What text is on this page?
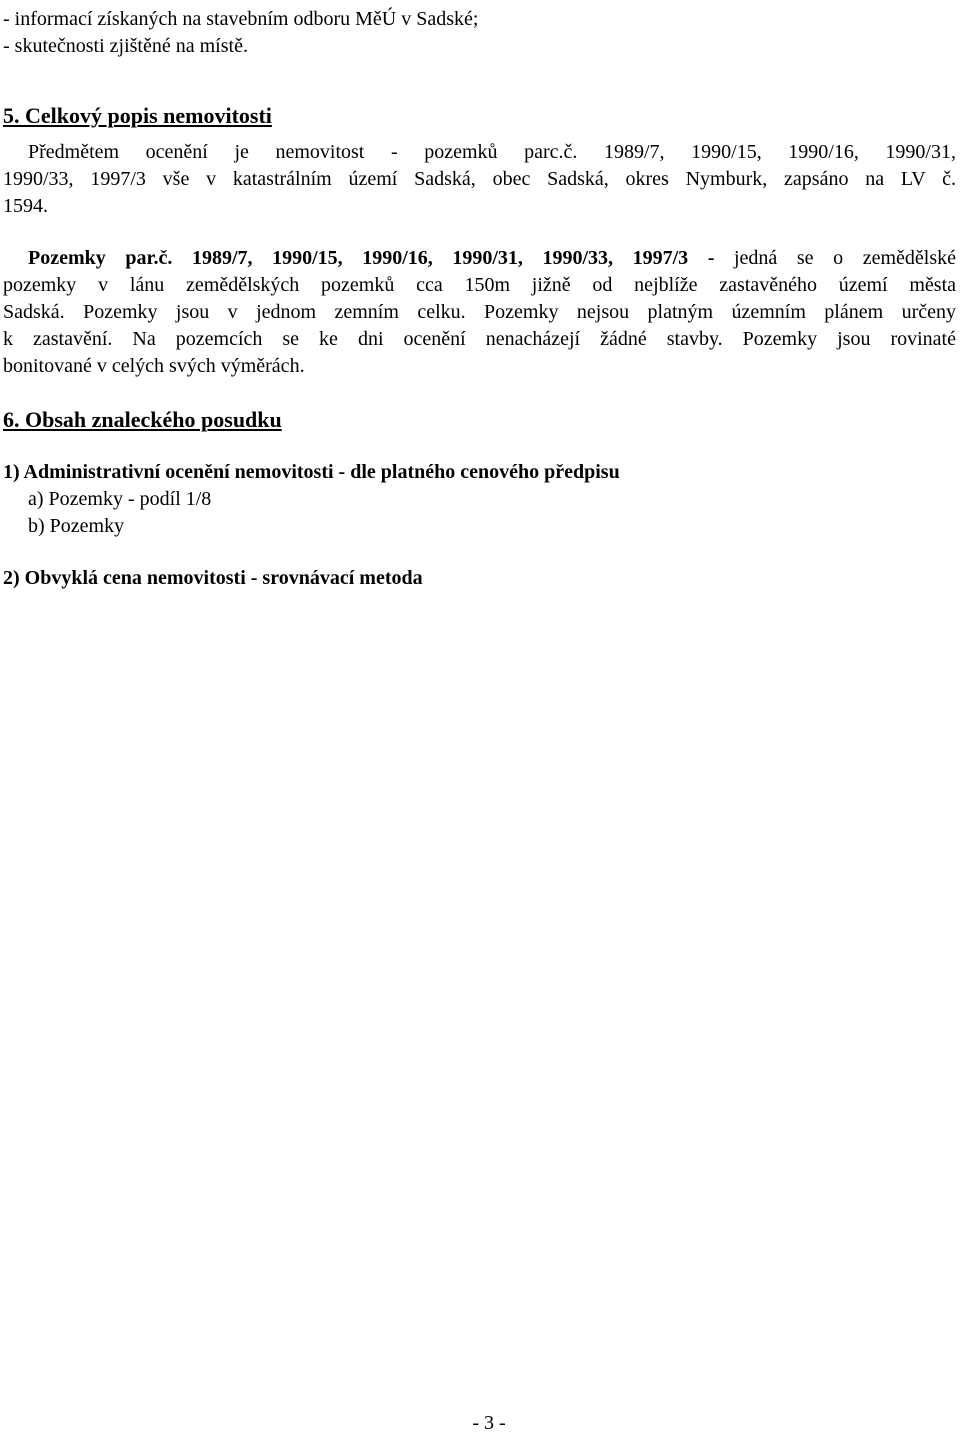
- informací získaných na stavebním odboru MěÚ v Sadské;
- skutečnosti zjištěné na místě.
5. Celkový popis nemovitosti
Předmětem ocenění je nemovitost - pozemků parc.č. 1989/7, 1990/15, 1990/16, 1990/31,
1990/33, 1997/3 vše v katastrálním území Sadská, obec Sadská, okres Nymburk, zapsáno na LV č.
1594.
Pozemky par.č. 1989/7, 1990/15, 1990/16, 1990/31, 1990/33, 1997/3 - jedná se o zemědělské
pozemky v lánu zemědělských pozemků cca 150m jižně od nejblíže zastavěného území města
Sadská. Pozemky jsou v jednom zemním celku. Pozemky nejsou platným územním plánem určeny
k zastavění. Na pozemcích se ke dni ocenění nenacházejí žádné stavby. Pozemky jsou rovinaté
bonitované v celých svých výměrách.
6. Obsah znaleckého posudku
1) Administrativní ocenění nemovitosti - dle platného cenového předpisu
a) Pozemky - podíl 1/8
b) Pozemky
2) Obvyklá cena nemovitosti - srovnávací metoda
- 3 -
